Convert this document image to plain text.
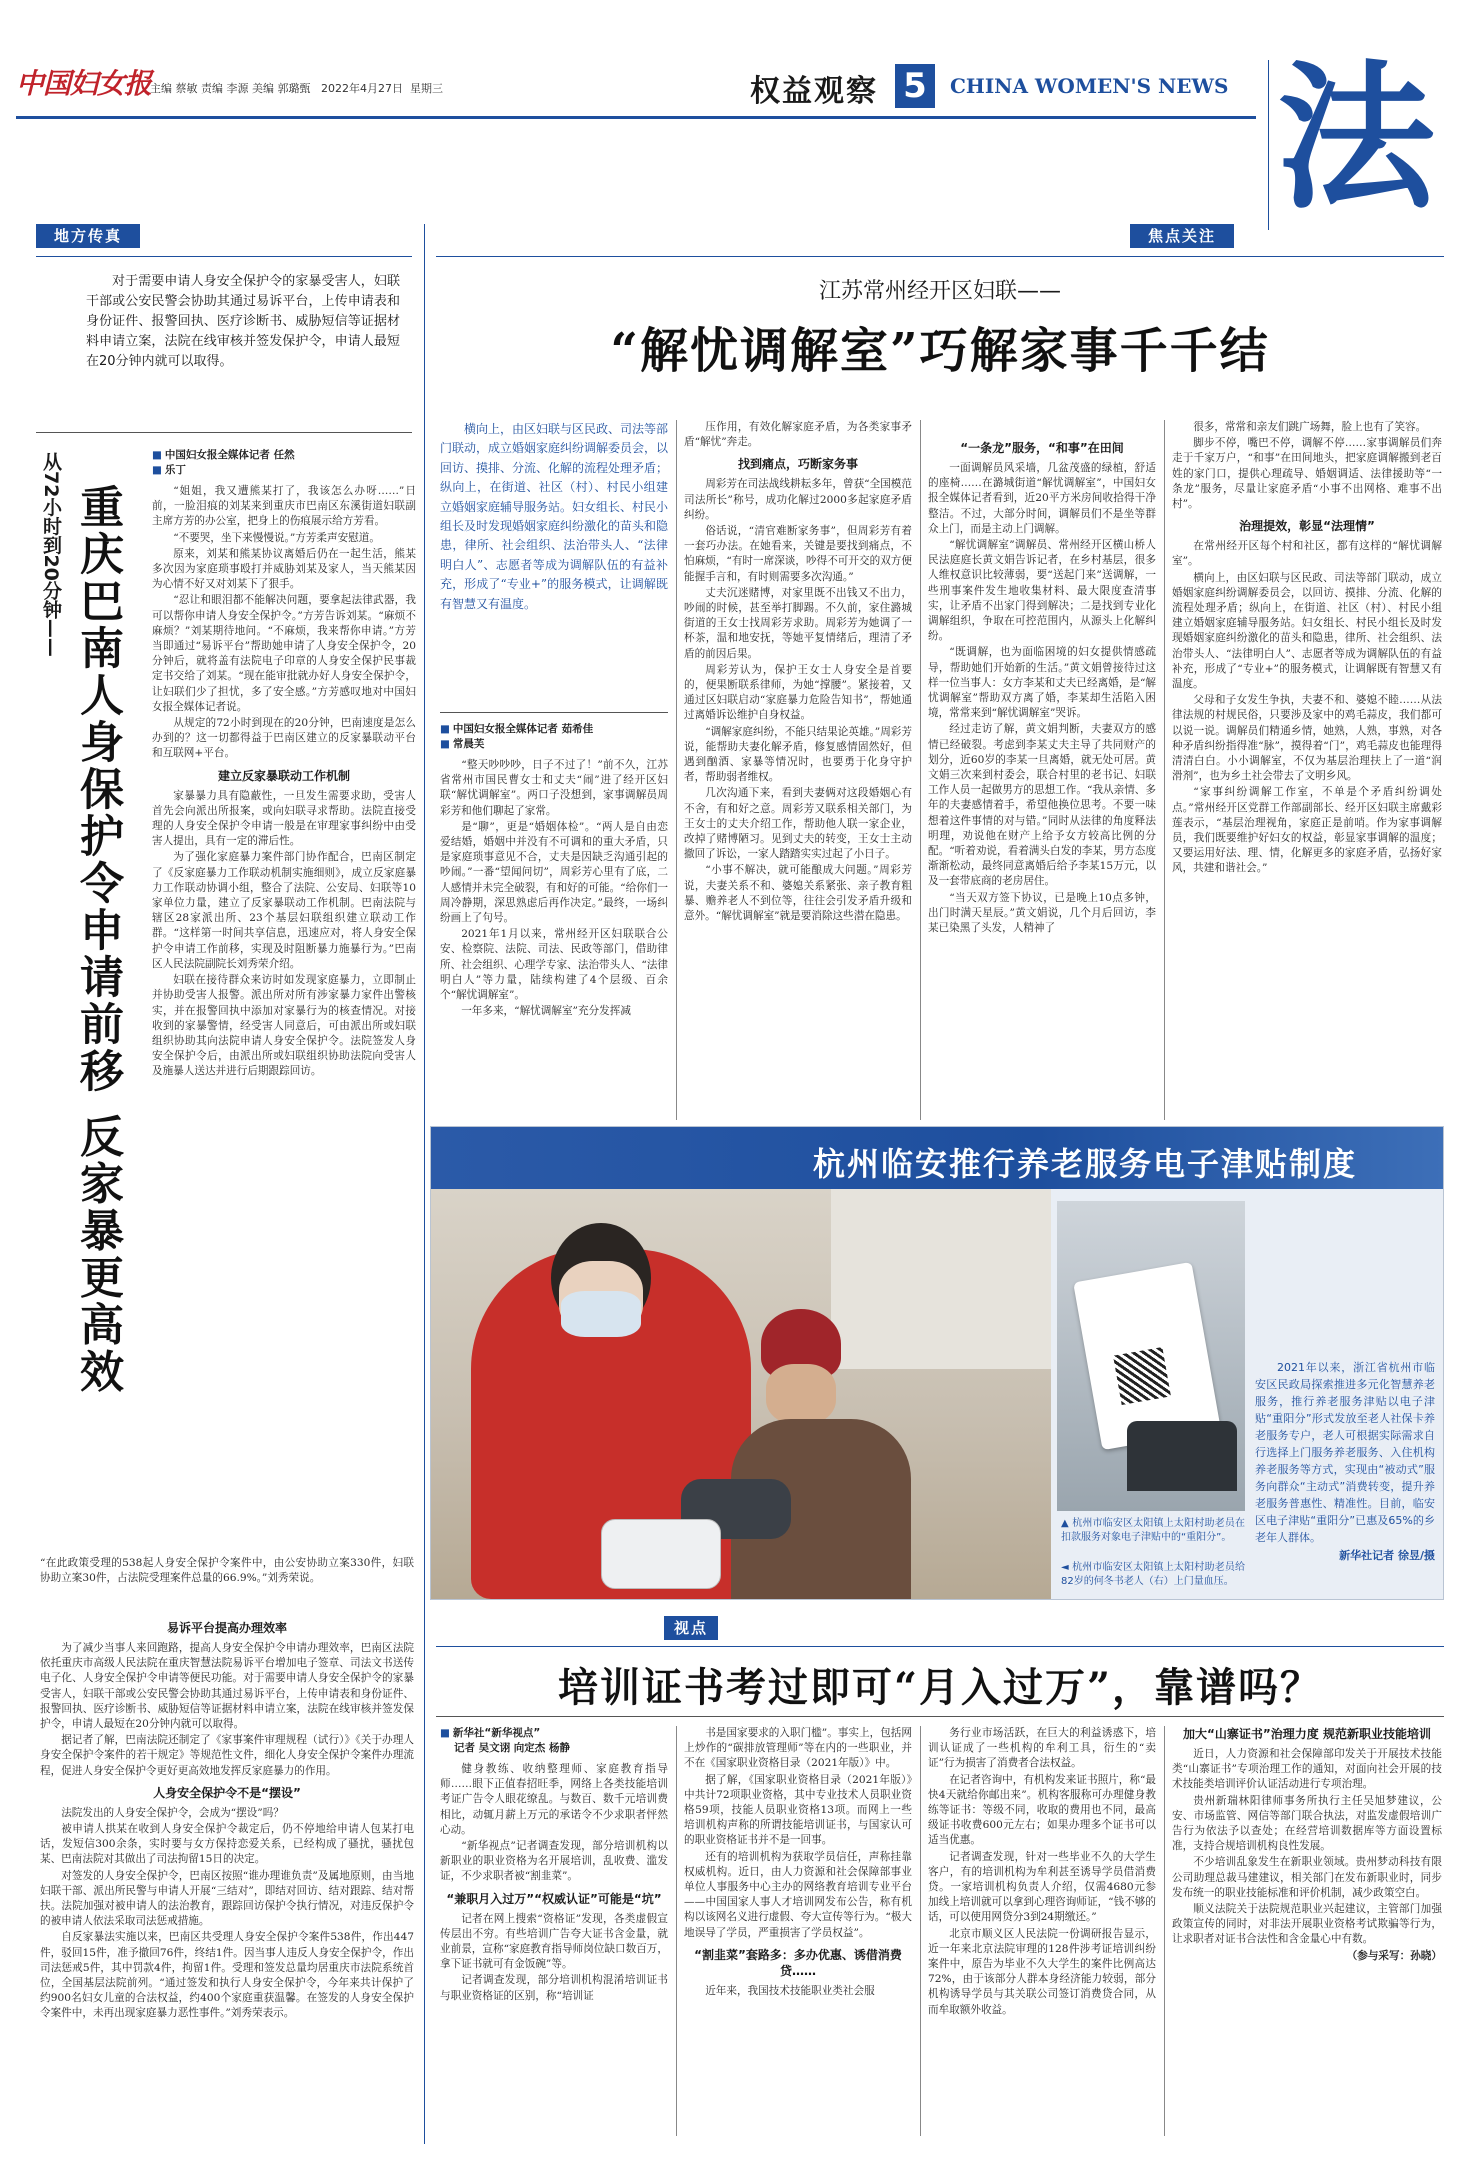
中国妇女报
主编 蔡敏 责编 李源 美编 郭璐甄 2022年4月27日 星期三	权益观察 5	CHINA WOMEN'S NEWS 法
地方传真

对于需要申请人身安全保护令的家暴受害人，妇联干部或公安民警会协助其通过易诉平台，上传申请表和身份证件、报警回执、医疗诊断书、威胁短信等证据材料申请立案，法院在线审核并签发保护令，申请人最短在20分钟内就可以取得。

从72小时到20分钟—— 重庆巴南人身保护令申请前移 反家暴更高效
■ 中国妇女报全媒体记者 任然
■ 乐丁

“姐姐，我又遭熊某打了，我该怎么办呀……”日前，一脸泪痕的刘某来到重庆市巴南区东溪街道妇联副主席方芳的办公室，把身上的伤痕展示给方芳看。

“不要哭，坐下来慢慢说。”方芳柔声安慰道。

原来，刘某和熊某协议离婚后仍在一起生活，熊某多次因为家庭琐事殴打并威胁刘某及家人，当天熊某因为心情不好又对刘某下了狠手。

“忍让和眼泪都不能解决问题，要拿起法律武器，我可以帮你申请人身安全保护令。”方芳告诉刘某。“麻烦不麻烦？”刘某期待地问。“不麻烦，我来帮你申请。”方芳当即通过“易诉平台”帮助她申请了人身安全保护令，20分钟后，就将盖有法院电子印章的人身安全保护民事裁定书交给了刘某。“现在能审批就办好人身安全保护令，让妇联们少了担忧，多了安全感。”方芳感叹地对中国妇女报全媒体记者说。

从规定的72小时到现在的20分钟，巴南速度是怎么办到的？这一切都得益于巴南区建立的反家暴联动平台和互联网+平台。

建立反家暴联动工作机制

家暴暴力具有隐蔽性，一旦发生需要求助，受害人首先会向派出所报案，或向妇联寻求帮助。法院直接受理的人身安全保护令申请一般是在审理家事纠纷中由受害人提出，具有一定的滞后性。

为了强化家庭暴力案件部门协作配合，巴南区制定了《反家庭暴力工作联动机制实施细则》，成立反家庭暴力工作联动协调小组，整合了法院、公安局、妇联等10家单位力量，建立了反家暴联动工作机制。巴南法院与辖区28家派出所、23个基层妇联组织建立联动工作群。“这样第一时间共享信息，迅速应对，将人身安全保护令申请工作前移，实现及时阻断暴力施暴行为。”巴南区人民法院副院长刘秀荣介绍。

妇联在接待群众来访时如发现家庭暴力，立即制止并协助受害人报警。派出所对所有涉家暴力家件出警核实，并在报警回执中添加对家暴行为的核查情况。对接收到的家暴警情，经受害人同意后，可由派出所或妇联组织协助其向法院申请人身安全保护令。法院签发人身安全保护令后，由派出所或妇联组织协助法院向受害人及施暴人送达并进行后期跟踪回访。

“在此政策受理的538起人身安全保护令案件中，由公安协助立案330件，妇联协助立案30件，占法院受理案件总量的66.9%。”刘秀荣说。

易诉平台提高办理效率

为了减少当事人来回跑路，提高人身安全保护令申请办理效率，巴南区法院依托重庆市高级人民法院在重庆智慧法院易诉平台增加电子签章、司法文书送传电子化、人身安全保护令申请等便民功能。对于需要申请人身安全保护令的家暴受害人，妇联干部或公安民警会协助其通过易诉平台，上传申请表和身份证件、报警回执、医疗诊断书、威胁短信等证据材料申请立案，法院在线审核并签发保护令，申请人最短在20分钟内就可以取得。

据记者了解，巴南法院还制定了《家事案件审理规程（试行）》《关于办理人身安全保护令案件的若干规定》等规范性文件，细化人身安全保护令案件办理流程，促进人身安全保护令更好更高效地发挥反家庭暴力的作用。

人身安全保护令不是“摆设”

法院发出的人身安全保护令，会成为“摆设”吗？

被申请人拱某在收到人身安全保护令裁定后，仍不停地给申请人包某打电话，发短信300余条，实时要与女方保持恋爱关系，已经构成了骚扰，骚扰包某、巴南法院对其做出了司法拘留15日的决定。

对签发的人身安全保护令，巴南区按照“谁办理谁负责”及属地原则，由当地妇联干部、派出所民警与申请人开展“三结对”，即结对回访、结对跟踪、结对帮扶。法院加强对被申请人的法治教育，跟踪回访保护令执行情况，对违反保护令的被申请人依法采取司法惩戒措施。

自反家暴法实施以来，巴南区共受理人身安全保护令案件538件，作出447件，驳回15件，准予撤回76件，终结1件。因当事人违反人身安全保护令，作出司法惩戒5件，其中罚款4件，拘留1件。受理和签发总量均居重庆市法院系统首位，全国基层法院前列。“通过签发和执行人身安全保护令，今年来共计保护了约900名妇女儿童的合法权益，约400个家庭重获温馨。在签发的人身安全保护令案件中，未再出现家庭暴力恶性事件。”刘秀荣表示。

焦点关注
江苏常州经开区妇联——
“解忧调解室”巧解家事千千结

横向上，由区妇联与区民政、司法等部门联动，成立婚姻家庭纠纷调解委员会，以回访、摸排、分流、化解的流程处理矛盾；纵向上，在街道、社区（村）、村民小组建立婚姻家庭辅导服务站。妇女组长、村民小组长及时发现婚姻家庭纠纷激化的苗头和隐患，律所、社会组织、法治带头人、“法律明白人”、志愿者等成为调解队伍的有益补充，形成了“专业+”的服务模式，让调解既有智慧又有温度。

■ 中国妇女报全媒体记者 茹希佳
■ 常晨芙

“整天吵吵吵，日子不过了！”前不久，江苏省常州市国民曹女士和丈夫“闹”进了经开区妇联“解忧调解室”。两口子没想到，家事调解员周彩芳和他们聊起了家常。

是“聊”，更是“婚姻体检”。“两人是自由恋爱结婚，婚姻中并没有不可调和的重大矛盾，只是家庭琐事意见不合，丈夫是因缺乏沟通引起的吵闹。”一番“望闻问切”，周彩芳心里有了底，二人感情并未完全破裂，有和好的可能。“给你们一周冷静期，深思熟虑后再作决定。”最终，一场纠纷画上了句号。

2021年1月以来，常州经开区妇联联合公安、检察院、法院、司法、民政等部门，借助律所、社会组织、心理学专家、法治带头人、“法律明白人”等力量，陆续构建了4个层级、百余个“解忧调解室”。

一年多来，“解忧调解室”充分发挥减

压作用，有效化解家庭矛盾，为各类家事矛盾“解忧”奔走。

找到痛点，巧断家务事

周彩芳在司法战线耕耘多年，曾获“全国模范司法所长”称号，成功化解过2000多起家庭矛盾纠纷。

俗话说，“清官难断家务事”，但周彩芳有着一套巧办法。在她看来，关键是要找到痛点，不怕麻烦，“有时一席深谈，吵得不可开交的双方便能握手言和，有时则需要多次沟通。”

丈夫沉迷赌博，对家里既不出钱又不出力，吵闹的时候，甚至举打脚踢。不久前，家住潞城街道的王女士找周彩芳求助。周彩芳为她调了一杯茶，温和地安抚，等她平复情绪后，理清了矛盾的前因后果。

周彩芳认为，保护王女士人身安全是首要的，便果断联系律师，为她“撑腰”。紧接着，又通过区妇联启动“家庭暴力危险告知书”，帮她通过离婚诉讼维护自身权益。

“调解家庭纠纷，不能只结果论英雄。”周彩芳说，能帮助夫妻化解矛盾，修复感情固然好，但遇到酗酒、家暴等情况时，也要勇于化身守护者，帮助弱者维权。

几次沟通下来，看到夫妻俩对这段婚姻心有不舍，有和好之意。周彩芳又联系相关部门，为王女士的丈夫介绍工作，帮助他人联一家企业，改掉了赌博陋习。见到丈夫的转变，王女士主动撤回了诉讼，一家人踏踏实实过起了小日子。

“小事不解决，就可能酿成大问题。”周彩芳说，夫妻关系不和、婆媳关系紧张、亲子教育粗暴、赡养老人不到位等，往往会引发矛盾升级和意外。“解忧调解室”就是要消除这些潜在隐患。

“一条龙”服务，“和事”在田间

一面调解员风采墙，几盆茂盛的绿植，舒适的座椅……在潞城街道“解忧调解室”，中国妇女报全媒体记者看到，近20平方米房间收拾得干净整洁。不过，大部分时间，调解员们不是坐等群众上门，而是主动上门调解。

“解忧调解室”调解员、常州经开区横山桥人民法庭庭长黄文娟告诉记者，在乡村基层，很多人维权意识比较薄弱，要“送起门来”送调解，一些刑事案件发生地收集材料、最大限度查清事实，让矛盾不出家门得到解决；二是找到专业化调解组织，争取在可控范围内，从源头上化解纠纷。

“既调解，也为面临困境的妇女提供情感疏导，帮助她们开始新的生活。”黄文娟曾接待过这样一位当事人：女方李某和丈夫已经离婚，是“解忧调解室”帮助双方离了婚，李某却生活陷入困境，常常来到“解忧调解室”哭诉。

经过走访了解，黄文娟判断，夫妻双方的感情已经破裂。考虑到李某丈夫主导了共同财产的划分，近60岁的李某一旦离婚，就无处可居。黄文娟三次来到村委会，联合村里的老书记、妇联工作人员一起做男方的思想工作。“我从亲情、多年的夫妻感情着手，希望他换位思考。不要一味想着这件事情的对与错。”同时从法律的角度释法明理，劝说他在财产上给予女方较高比例的分配。“听着劝说，看着满头白发的李某，男方态度渐渐松动，最终同意离婚后给予李某15万元，以及一套带底商的老房居住。

“当天双方签下协议，已是晚上10点多钟，出门时满天星辰。”黄文娟说，几个月后回访，李某已染黑了头发，人精神了

很多，常常和亲友们跳广场舞，脸上也有了笑容。

脚步不停，嘴巴不停，调解不停……家事调解员们奔走于千家万户，“和事”在田间地头，把家庭调解搬到老百姓的家门口，提供心理疏导、婚姻调适、法律援助等“一条龙”服务，尽量让家庭矛盾“小事不出网格、难事不出村”。

治理提效，彰显“法理情”

在常州经开区每个村和社区，都有这样的“解忧调解室”。

横向上，由区妇联与区民政、司法等部门联动，成立婚姻家庭纠纷调解委员会，以回访、摸排、分流、化解的流程处理矛盾；纵向上，在街道、社区（村）、村民小组建立婚姻家庭辅导服务站。妇女组长、村民小组长及时发现婚姻家庭纠纷激化的苗头和隐患，律所、社会组织、法治带头人、“法律明白人”、志愿者等成为调解队伍的有益补充，形成了“专业+”的服务模式，让调解既有智慧又有温度。

父母和子女发生争执，夫妻不和、婆媳不睦……从法律法规的村规民俗，只要涉及家中的鸡毛蒜皮，我们都可以说一说。调解员们精通乡情，她熟，人熟，事熟，对各种矛盾纠纷指得准“脉”，摸得着“门”，鸡毛蒜皮也能理得清清白白。小小调解室，不仅为基层治理扶上了一道“润滑剂”，也为乡土社会带去了文明乡风。

“家事纠纷调解工作室，不单是个矛盾纠纷调处点。”常州经开区党群工作部副部长、经开区妇联主席戴彩莲表示，“基层治理视角，家庭正是前哨。作为家事调解员，我们既要维护好妇女的权益，彰显家事调解的温度；又要运用好法、理、情，化解更多的家庭矛盾，弘扬好家风，共建和谐社会。”

杭州临安推行养老服务电子津贴制度
▲ 杭州市临安区太阳镇上太阳村助老员在扣款服务对象电子津贴中的“重阳分”。
◄ 杭州市临安区太阳镇上太阳村助老员给82岁的何冬书老人（右）上门量血压。

2021年以来，浙江省杭州市临安区民政局探索推进多元化智慧养老服务，推行养老服务津贴以电子津贴“重阳分”形式发放至老人社保卡养老服务专户，老人可根据实际需求自行选择上门服务养老服务、入住机构养老服务等方式，实现由“被动式”服务向群众“主动式”消费转变，提升养老服务普惠性、精准性。目前，临安区电子津贴“重阳分”已惠及65%的乡老年人群体。

新华社记者 徐昱/摄
视点
培训证书考过即可“月入过万”，靠谱吗？
■ 新华社“新华视点”
记者 吴文诩 向定杰 杨静

健身教练、收纳整理师、家庭教育指导师……眼下正值春招旺季，网络上各类技能培训考证广告令人眼花缭乱。与数百、数千元培训费相比，动辄月薪上万元的承诺令不少求职者怦然心动。

“新华视点”记者调查发现，部分培训机构以新职业的职业资格为名开展培训，乱收费、滥发证，不少求职者被“割韭菜”。

“兼职月入过万”“权威认证”可能是“坑”

记者在网上搜索“资格证”发现，各类虚假宣传层出不穷。有些培训广告夸大证书含金量，就业前景，宣称“家庭教育指导师岗位缺口数百万，拿下证书就可有金饭碗”等。

记者调查发现，部分培训机构混淆培训证书与职业资格证的区别，称“培训证

书是国家要求的入职门槛”。事实上，包括网上炒作的“碳排放管理师”等在内的一些职业，并不在《国家职业资格目录（2021年版）》中。

据了解，《国家职业资格目录（2021年版）》中共计72项职业资格，其中专业技术人员职业资格59项，技能人员职业资格13项。而网上一些培训机构声称的所谓技能培训证书，与国家认可的职业资格证书并不是一回事。

还有的培训机构为获取学员信任，声称挂靠权威机构。近日，由人力资源和社会保障部事业单位人事服务中心主办的网络教育培训专业平台——中国国家人事人才培训网发布公告，称有机构以该网名义进行虚假、夸大宣传等行为。“极大地误导了学员，严重损害了学员权益”。

“割韭菜”套路多：多办优惠、诱借消费贷……

近年来，我国技术技能职业类社会服

务行业市场活跃，在巨大的利益诱惑下，培训认证成了一些机构的牟利工具，衍生的“卖证”行为损害了消费者合法权益。

在记者咨询中，有机构发来证书照片，称“最快4天就给你邮出来”。机构客服称可办理健身教练等证书：等级不同，收取的费用也不同，最高级证书收费600元左右；如果办理多个证书可以适当优惠。

记者调查发现，针对一些毕业不久的大学生客户，有的培训机构为牟利甚至诱导学员借消费贷。一家培训机构负责人介绍，仅需4680元参加线上培训就可以拿到心理咨询师证，“钱不够的话，可以使用网贷分3到24期缴还。”

北京市顺义区人民法院一份调研报告显示，近一年来北京法院审理的128件涉考证培训纠纷案件中，原告为毕业不久大学生的案件比例高达72%，由于该部分人群本身经济能力较弱，部分机构诱导学员与其关联公司签订消费贷合同，从而牟取额外收益。

加大“山寨证书”治理力度 规范新职业技能培训

近日，人力资源和社会保障部印发关于开展技术技能类“山寨证书”专项治理工作的通知，对面向社会开展的技术技能类培训评价认证活动进行专项治理。

贵州新瑞林阳律师事务所执行主任吴旭梦建议，公安、市场监管、网信等部门联合执法，对监发虚假培训广告行为依法予以查处；在经营培训数据库等方面设置标准，支持合规培训机构良性发展。

不少培训乱象发生在新职业领域。贵州梦动科技有限公司助理总裁马建建议，相关部门在发布新职业时，同步发布统一的职业技能标准和评价机制，减少政策空白。

顺义法院关于法院规范职业兴起建议，主管部门加强政策宣传的同时，对非法开展职业资格考试欺骗等行为，让求职者对证书合法性和含金量心中有数。

（参与采写：孙晓）
